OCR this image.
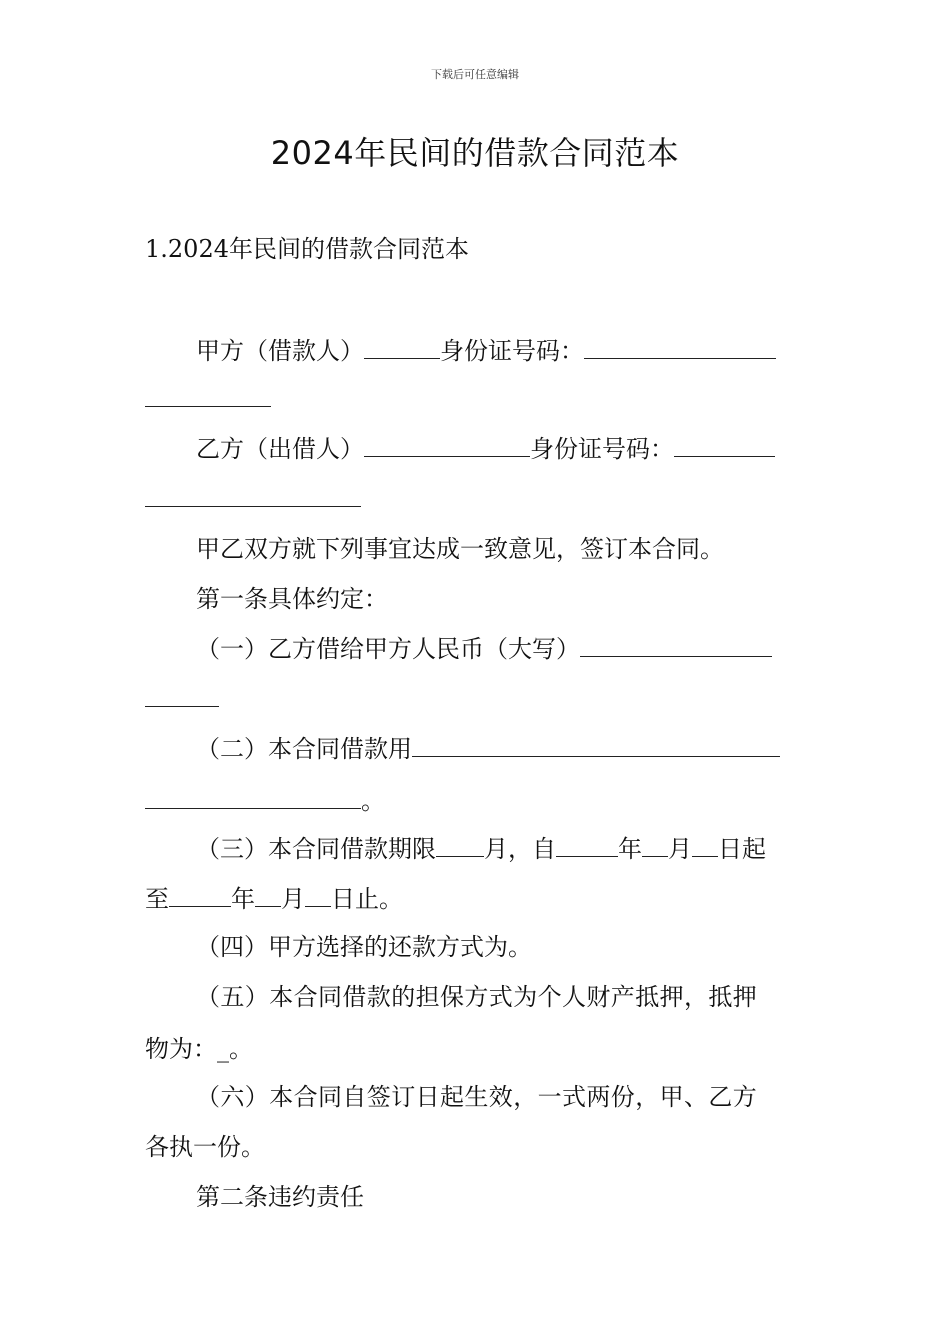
下载后可任意编辑
2024年民间的借款合同范本
1.2024年民间的借款合同范本
甲方（借款人）	身份证号码：
乙方（出借人）	身份证号码：
甲乙双方就下列事宜达成一致意见，签订本合同。
第一条具体约定：
（一）乙方借给甲方人民币（大写）
（二）本合同借款用
。
（三）本合同借款期限 月，自	年 月 日起
至	年 月 日止。
（四）甲方选择的还款方式为。
（五）本合同借款的担保方式为个人财产抵押，抵押
物为：_。
（六）本合同自签订日起生效，一式两份，甲、乙方
各执一份。
第二条违约责任
